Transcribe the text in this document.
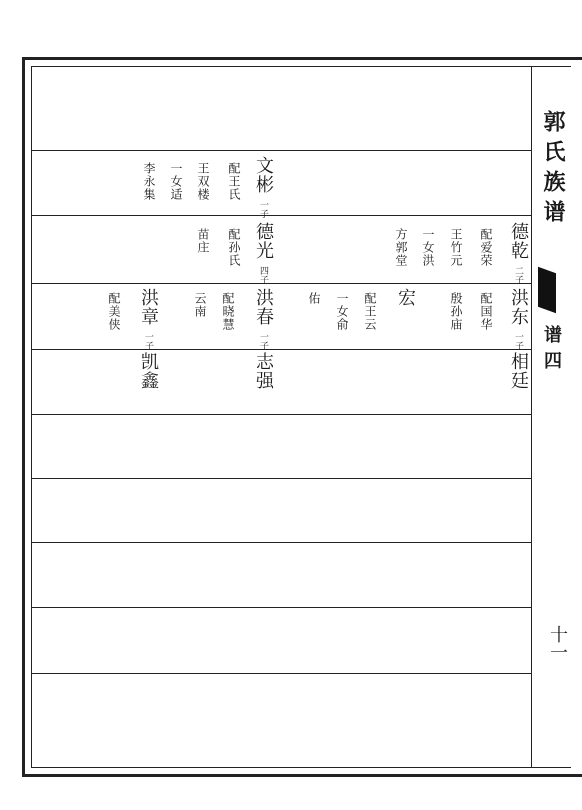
郭氏族谱
谱四
十一
文彬
一子
配王氏
王双楼
一女适
李永集
德光
四子
配孙氏
苗庄	德乾
二子
配爱荣
王竹元
一女洪
方郭堂
洪东
一子
配国华
殷孙庙
宏
配王云
一女俞
佑
洪春
一子
配晓慧
云南
洪章
一子
配美侠
相廷
志强
凯鑫
